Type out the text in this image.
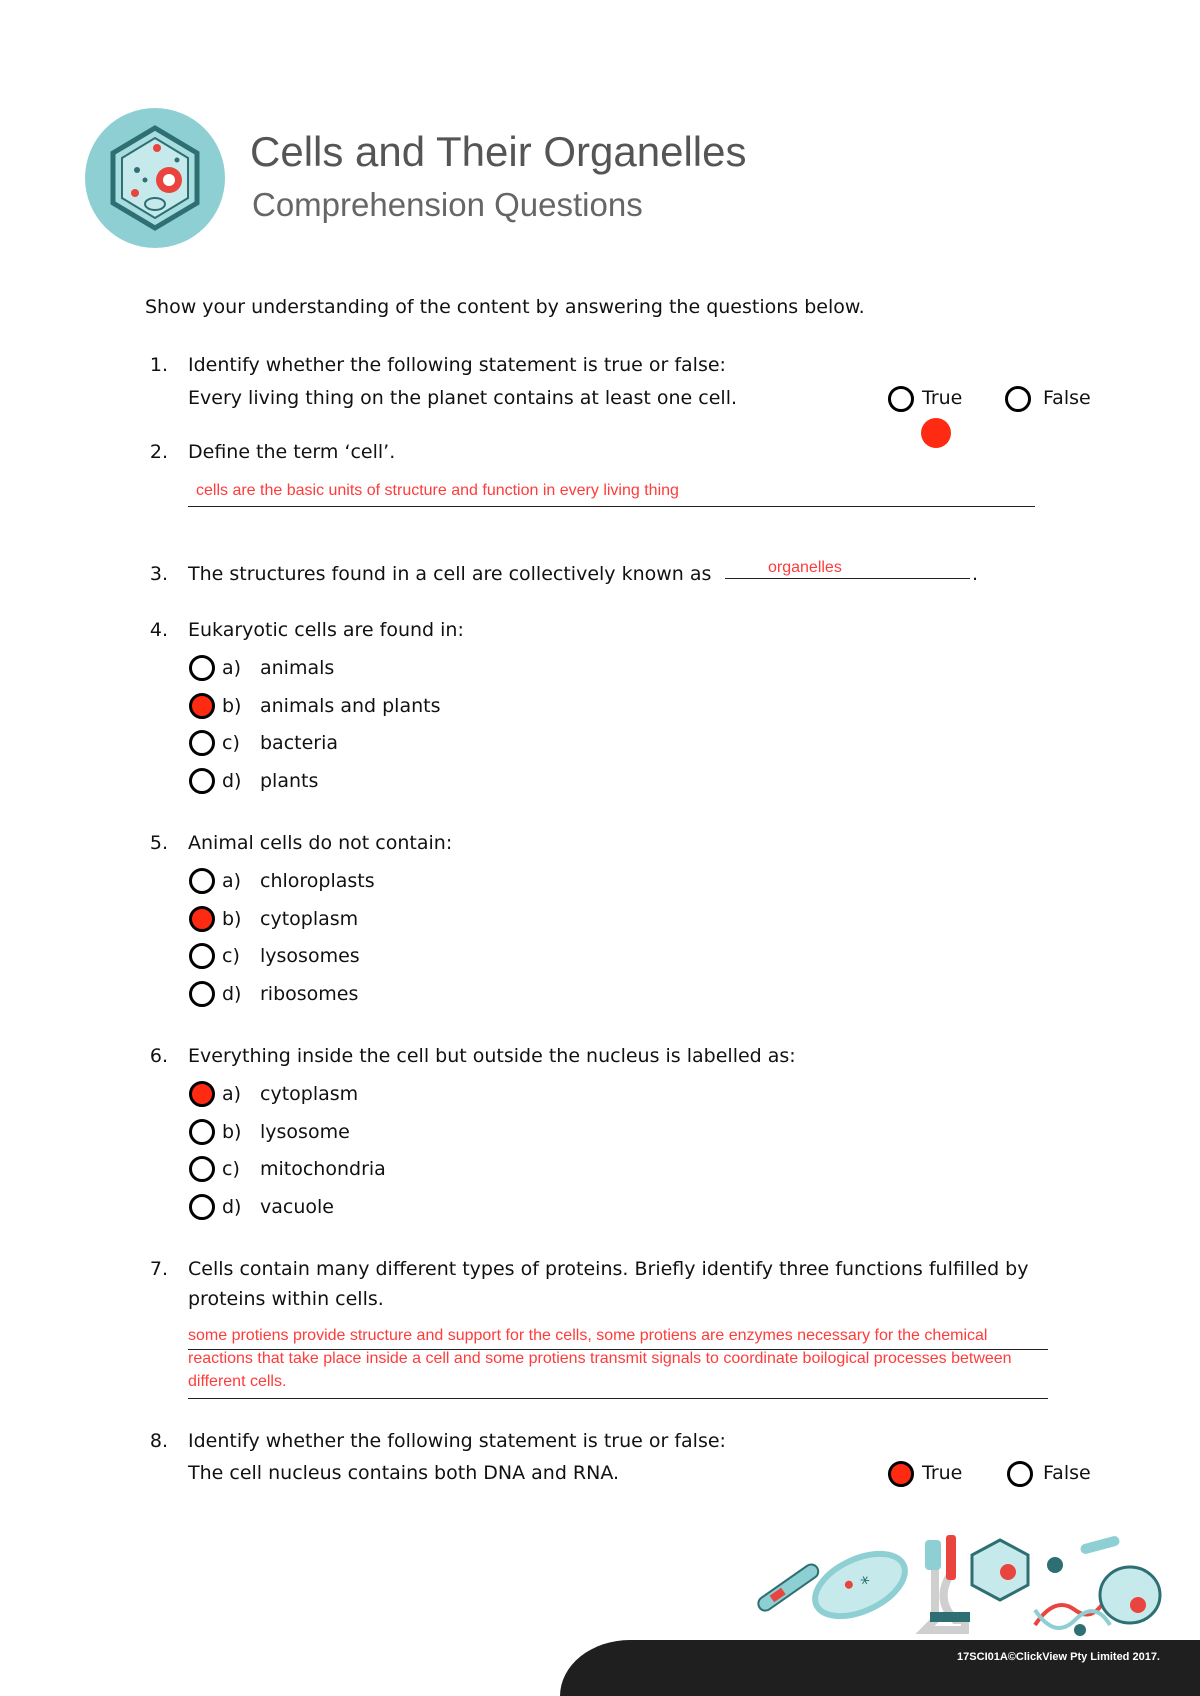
Cells and Their Organelles
Comprehension Questions
Show your understanding of the content by answering the questions below.
1. Identify whether the following statement is true or false:
Every living thing on the planet contains at least one cell.	True	False
2. Define the term ‘cell’.
cells are the basic units of structure and function in every living thing
3. The structures found in a cell are collectively known as	organelles	.
4. Eukaryotic cells are found in:
a) animals
b) animals and plants
c) bacteria
d) plants
5. Animal cells do not contain:
a) chloroplasts
b) cytoplasm
c) lysosomes
d) ribosomes
6. Everything inside the cell but outside the nucleus is labelled as:
a) cytoplasm
b) lysosome
c) mitochondria
d) vacuole
7. Cells contain many different types of proteins. Briefly identify three functions fulfilled by
proteins within cells.
some protiens provide structure and support for the cells, some protiens are enzymes necessary for the chemical
reactions that take place inside a cell and some protiens transmit signals to coordinate boilogical processes between
different cells.
8. Identify whether the following statement is true or false:
The cell nucleus contains both DNA and RNA.	True	False
*
17SCI01A©ClickView Pty Limited 2017.
